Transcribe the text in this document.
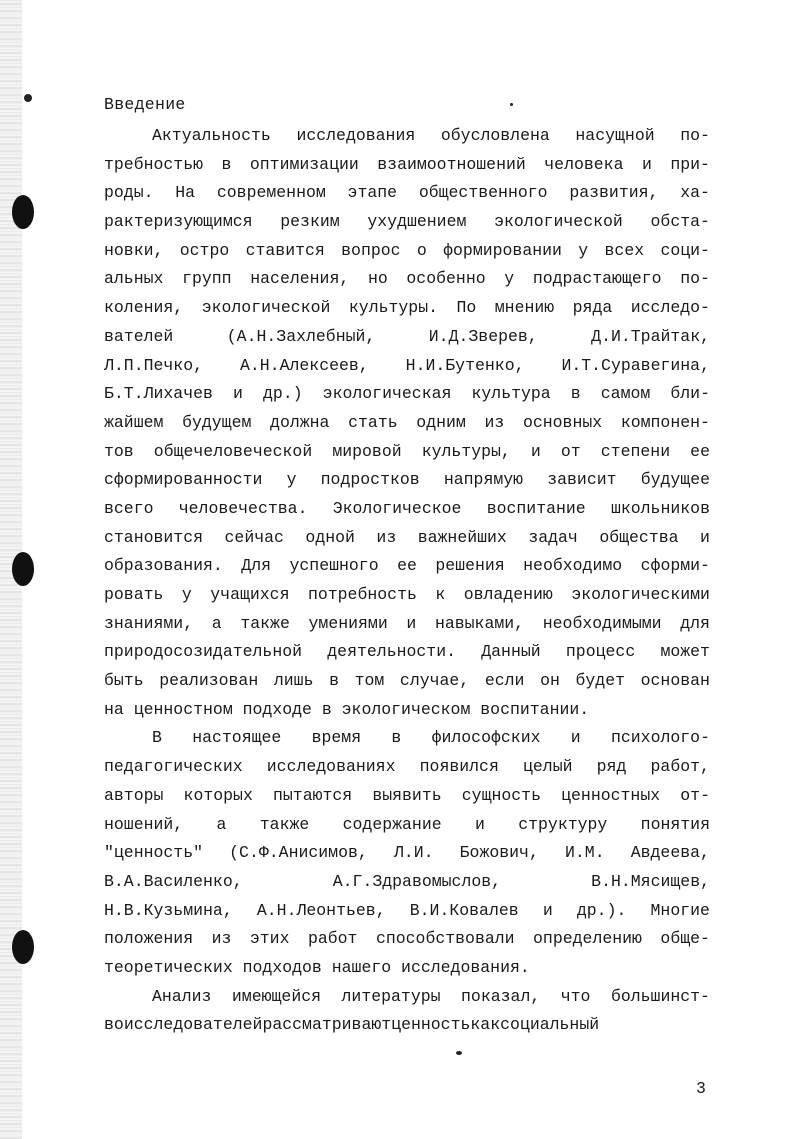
Введение
Актуальность исследования обусловлена насущной по-
требностью в оптимизации взаимоотношений человека и при-
роды. На современном этапе общественного развития, ха-
рактеризующимся резким ухудшением экологической обста-
новки, остро ставится вопрос о формировании у всех соци-
альных групп населения, но особенно у подрастающего по-
коления, экологической культуры. По мнению ряда исследо-
вателей	(А.Н.Захлебный,	И.Д.Зверев,	Д.И.Трайтак,
Л.П.Печко, А.Н.Алексеев, Н.И.Бутенко, И.Т.Суравегина,
Б.Т.Лихачев и др.) экологическая культура в самом бли-
жайшем будущем должна стать одним из основных компонен-
тов общечеловеческой мировой культуры, и от степени ее
сформированности у подростков напрямую зависит будущее
всего человечества. Экологическое воспитание школьников
становится сейчас одной из важнейших задач общества и
образования. Для успешного ее решения необходимо сформи-
ровать у учащихся потребность к овладению экологическими
знаниями, а также умениями и навыками, необходимыми для
природосозидательной деятельности. Данный процесс может
быть реализован лишь в том случае, если он будет основан
на ценностном подходе в экологическом воспитании.
В настоящее время в философских и психолого-
педагогических исследованиях появился целый ряд работ,
авторы которых пытаются выявить сущность ценностных от-
ношений, а также содержание и структуру понятия
"ценность" (С.Ф.Анисимов, Л.И. Божович, И.М. Авдеева,
В.А.Василенко,	А.Г.Здравомыслов,	В.Н.Мясищев,
Н.В.Кузьмина, А.Н.Леонтьев, В.И.Ковалев и др.). Многие
положения из этих работ способствовали определению обще-
теоретических подходов нашего исследования.
Анализ имеющейся литературы показал, что большинст-
во исследователей рассматривают ценность как социальный
3
